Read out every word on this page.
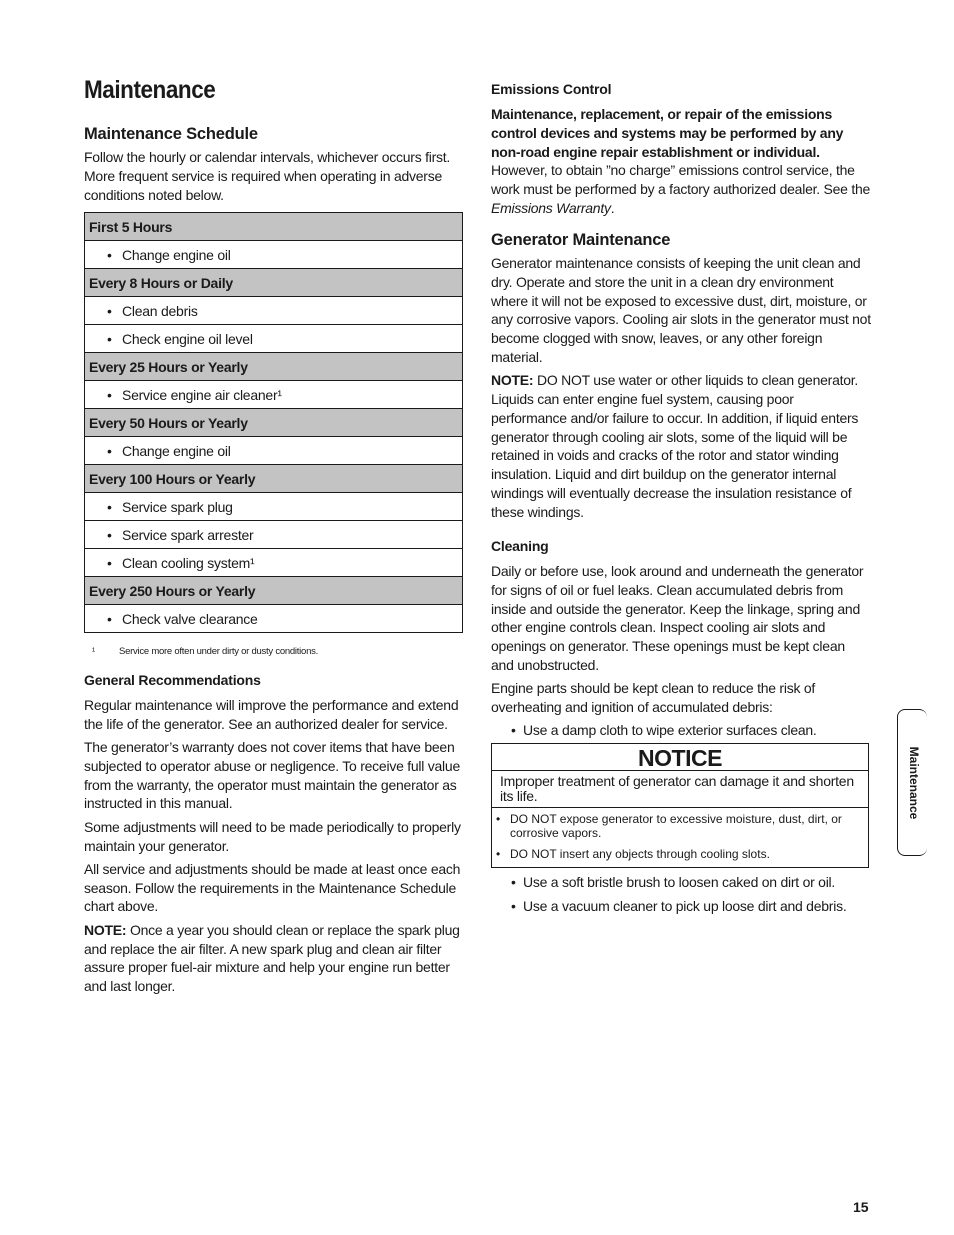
Maintenance
Maintenance Schedule

Follow the hourly or calendar intervals, whichever occurs first. More frequent service is required when operating in adverse conditions noted below.

First 5 Hours
• Change engine oil
Every 8 Hours or Daily
• Clean debris
• Check engine oil level
Every 25 Hours or Yearly
• Service engine air cleaner¹
Every 50 Hours or Yearly
• Change engine oil
Every 100 Hours or Yearly
• Service spark plug
• Service spark arrester
• Clean cooling system¹
Every 250 Hours or Yearly
• Check valve clearance

¹	Service more often under dirty or dusty conditions.

General Recommendations

Regular maintenance will improve the performance and extend the life of the generator. See an authorized dealer for service.

The generator’s warranty does not cover items that have been subjected to operator abuse or negligence. To receive full value from the warranty, the operator must maintain the generator as instructed in this manual.

Some adjustments will need to be made periodically to properly maintain your generator.

All service and adjustments should be made at least once each season. Follow the requirements in the Maintenance Schedule chart above.

NOTE: Once a year you should clean or replace the spark plug and replace the air filter. A new spark plug and clean air filter assure proper fuel-air mixture and help your engine run better and last longer.

Emissions Control

Maintenance, replacement, or repair of the emissions control devices and systems may be performed by any non-road engine repair establishment or individual. However, to obtain ”no charge” emissions control service, the work must be performed by a factory authorized dealer. See the Emissions Warranty.

Generator Maintenance

Generator maintenance consists of keeping the unit clean and dry. Operate and store the unit in a clean dry environment where it will not be exposed to excessive dust, dirt, moisture, or any corrosive vapors. Cooling air slots in the generator must not become clogged with snow, leaves, or any other foreign material.

NOTE: DO NOT use water or other liquids to clean generator. Liquids can enter engine fuel system, causing poor performance and/or failure to occur. In addition, if liquid enters generator through cooling air slots, some of the liquid will be retained in voids and cracks of the rotor and stator winding insulation. Liquid and dirt buildup on the generator internal windings will eventually decrease the insulation resistance of these windings.

Cleaning

Daily or before use, look around and underneath the generator for signs of oil or fuel leaks. Clean accumulated debris from inside and outside the generator. Keep the linkage, spring and other engine controls clean. Inspect cooling air slots and openings on generator. These openings must be kept clean and unobstructed.

Engine parts should be kept clean to reduce the risk of overheating and ignition of accumulated debris:

• Use a damp cloth to wipe exterior surfaces clean.

NOTICE
Improper treatment of generator can damage it and shorten its life.
• DO NOT expose generator to excessive moisture, dust, dirt, or corrosive vapors.
• DO NOT insert any objects through cooling slots.

• Use a soft bristle brush to loosen caked on dirt or oil.

• Use a vacuum cleaner to pick up loose dirt and debris.

Maintenance
15
